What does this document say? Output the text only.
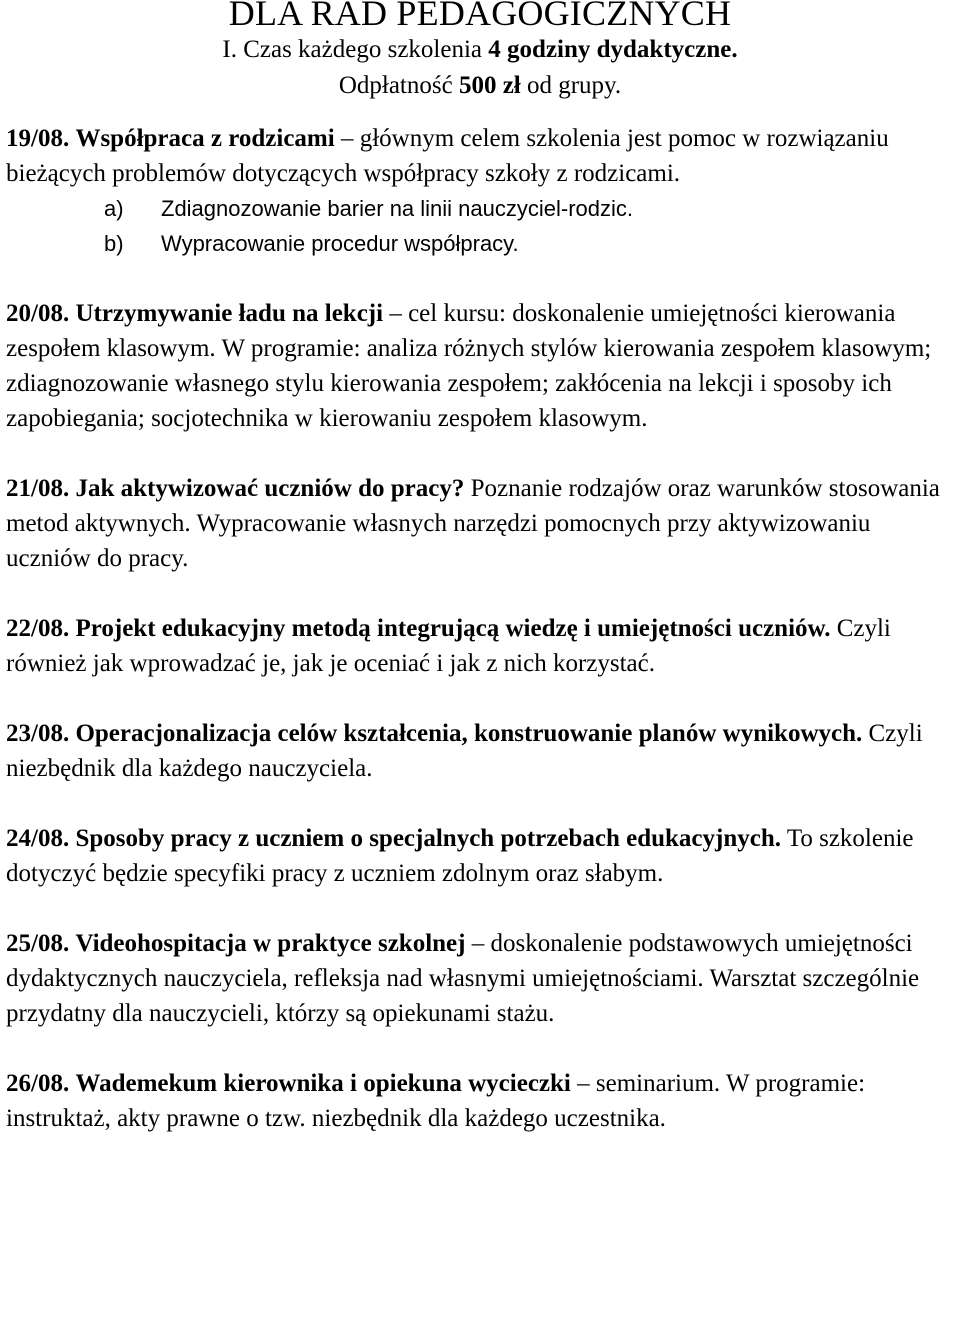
DLA RAD PEDAGOGICZNYCH
I. Czas każdego szkolenia 4 godziny dydaktyczne.
Odpłatność 500 zł od grupy.
19/08. Współpraca z rodzicami – głównym celem szkolenia jest pomoc w rozwiązaniu bieżących problemów dotyczących współpracy szkoły z rodzicami.
a) Zdiagnozowanie barier na linii nauczyciel-rodzic.
b) Wypracowanie procedur współpracy.
20/08. Utrzymywanie ładu na lekcji – cel kursu: doskonalenie umiejętności kierowania zespołem klasowym. W programie: analiza różnych stylów kierowania zespołem klasowym; zdiagnozowanie własnego stylu kierowania zespołem; zakłócenia na lekcji i sposoby ich zapobiegania; socjotechnika w kierowaniu zespołem klasowym.
21/08. Jak aktywizować uczniów do pracy? Poznanie rodzajów oraz warunków stosowania metod aktywnych. Wypracowanie własnych narzędzi pomocnych przy aktywizowaniu uczniów do pracy.
22/08. Projekt edukacyjny metodą integrującą wiedzę i umiejętności uczniów. Czyli również jak wprowadzać je, jak je oceniać i jak z nich korzystać.
23/08. Operacjonalizacja celów kształcenia, konstruowanie planów wynikowych. Czyli niezbędnik dla każdego nauczyciela.
24/08. Sposoby pracy z uczniem o specjalnych potrzebach edukacyjnych. To szkolenie dotyczyć będzie specyfiki pracy z uczniem zdolnym oraz słabym.
25/08. Videohospitacja w praktyce szkolnej – doskonalenie podstawowych umiejętności dydaktycznych nauczyciela, refleksja nad własnymi umiejętnościami. Warsztat szczególnie przydatny dla nauczycieli, którzy są opiekunami stażu.
26/08. Wademekum kierownika i opiekuna wycieczki – seminarium. W programie: instruktaż, akty prawne o tzw. niezbędnik dla każdego uczestnika.
